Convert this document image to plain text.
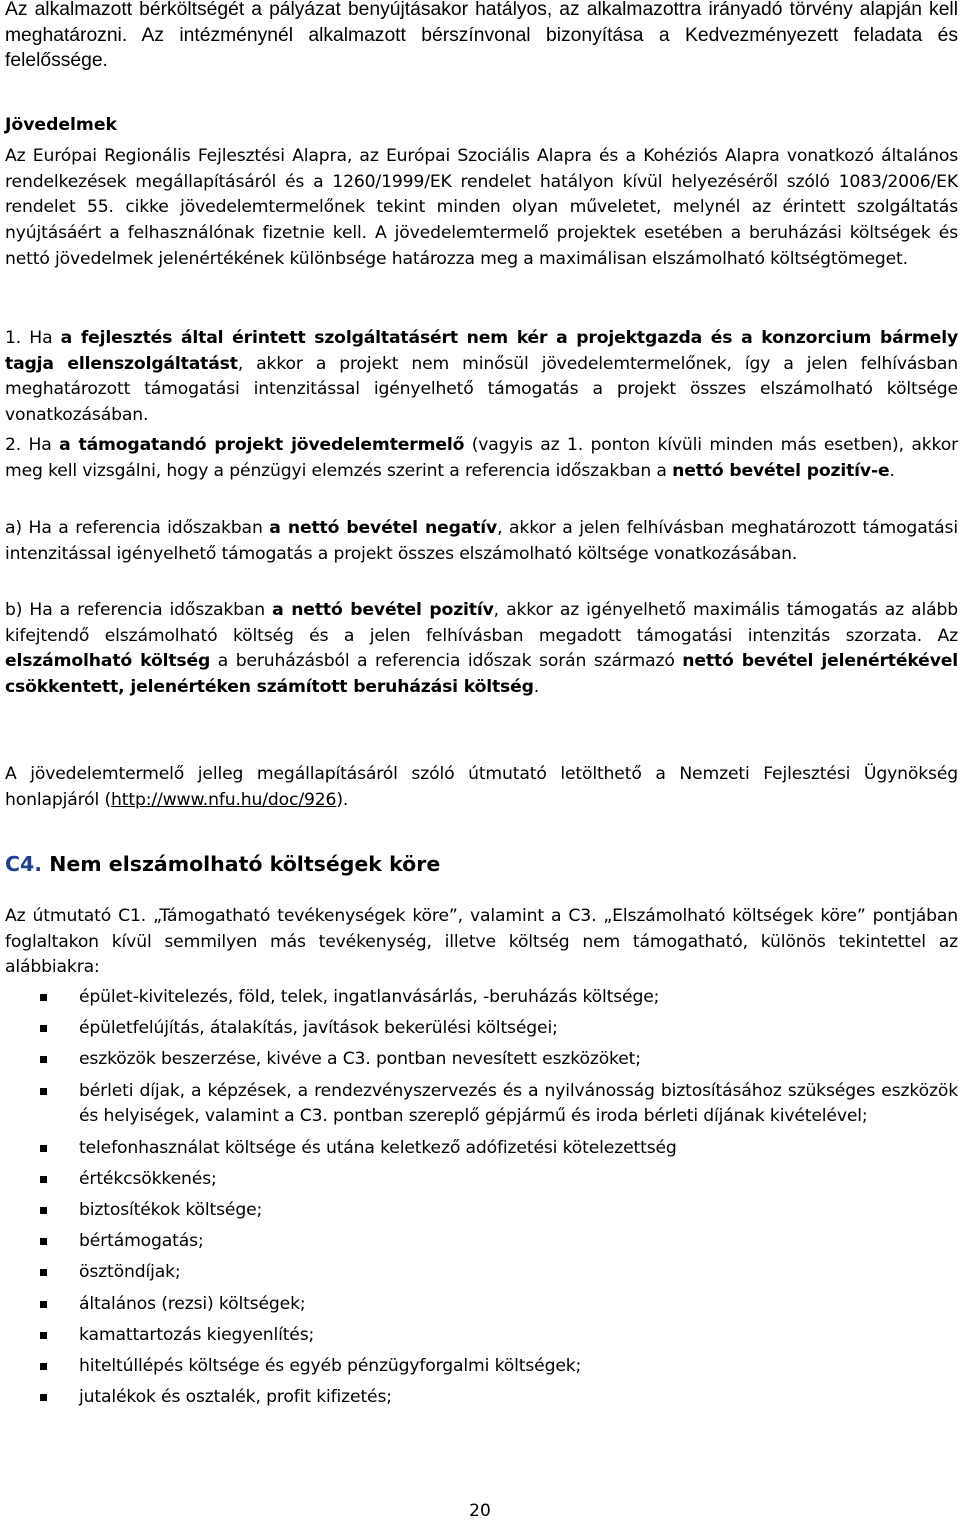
Az alkalmazott bérköltségét a pályázat benyújtásakor hatályos, az alkalmazottra irányadó törvény alapján kell meghatározni. Az intézménynél alkalmazott bérszínvonal bizonyítása a Kedvezményezett feladata és felelőssége.

Jövedelmek

Az Európai Regionális Fejlesztési Alapra, az Európai Szociális Alapra és a Kohéziós Alapra vonatkozó általános rendelkezések megállapításáról és a 1260/1999/EK rendelet hatályon kívül helyezéséről szóló 1083/2006/EK rendelet 55. cikke jövedelemtermelőnek tekint minden olyan műveletet, melynél az érintett szolgáltatás nyújtásáért a felhasználónak fizetnie kell. A jövedelemtermelő projektek esetében a beruházási költségek és nettó jövedelmek jelenértékének különbsége határozza meg a maximálisan elszámolható költségtömeget.

1. Ha a fejlesztés által érintett szolgáltatásért nem kér a projektgazda és a konzorcium bármely tagja ellenszolgáltatást, akkor a projekt nem minősül jövedelemtermelőnek, így a jelen felhívásban meghatározott támogatási intenzitással igényelhető támogatás a projekt összes elszámolható költsége vonatkozásában.

2. Ha a támogatandó projekt jövedelemtermelő (vagyis az 1. ponton kívüli minden más esetben), akkor meg kell vizsgálni, hogy a pénzügyi elemzés szerint a referencia időszakban a nettó bevétel pozitív-e.

a) Ha a referencia időszakban a nettó bevétel negatív, akkor a jelen felhívásban meghatározott támogatási intenzitással igényelhető támogatás a projekt összes elszámolható költsége vonatkozásában.

b) Ha a referencia időszakban a nettó bevétel pozitív, akkor az igényelhető maximális támogatás az alább kifejtendő elszámolható költség és a jelen felhívásban megadott támogatási intenzitás szorzata. Az elszámolható költség a beruházásból a referencia időszak során származó nettó bevétel jelenértékével csökkentett, jelenértéken számított beruházási költség.

A jövedelemtermelő jelleg megállapításáról szóló útmutató letölthető a Nemzeti Fejlesztési Ügynökség honlapjáról (http://www.nfu.hu/doc/926).

C4. Nem elszámolható költségek köre

Az útmutató C1. „Támogatható tevékenységek köre”, valamint a C3. „Elszámolható költségek köre” pontjában foglaltakon kívül semmilyen más tevékenység, illetve költség nem támogatható, különös tekintettel az alábbiakra:

épület-kivitelezés, föld, telek, ingatlanvásárlás, -beruházás költsége;
épületfelújítás, átalakítás, javítások bekerülési költségei;
eszközök beszerzése, kivéve a C3. pontban nevesített eszközöket;
bérleti díjak, a képzések, a rendezvényszervezés és a nyilvánosság biztosításához szükséges eszközök és helyiségek, valamint a C3. pontban szereplő gépjármű és iroda bérleti díjának kivételével;
telefonhasználat költsége és utána keletkező adófizetési kötelezettség
értékcsökkenés;
biztosítékok költsége;
bértámogatás;
ösztöndíjak;
általános (rezsi) költségek;
kamattartozás kiegyenlítés;
hiteltúllépés költsége és egyéb pénzügyforgalmi költségek;
jutalékok és osztalék, profit kifizetés;
20
